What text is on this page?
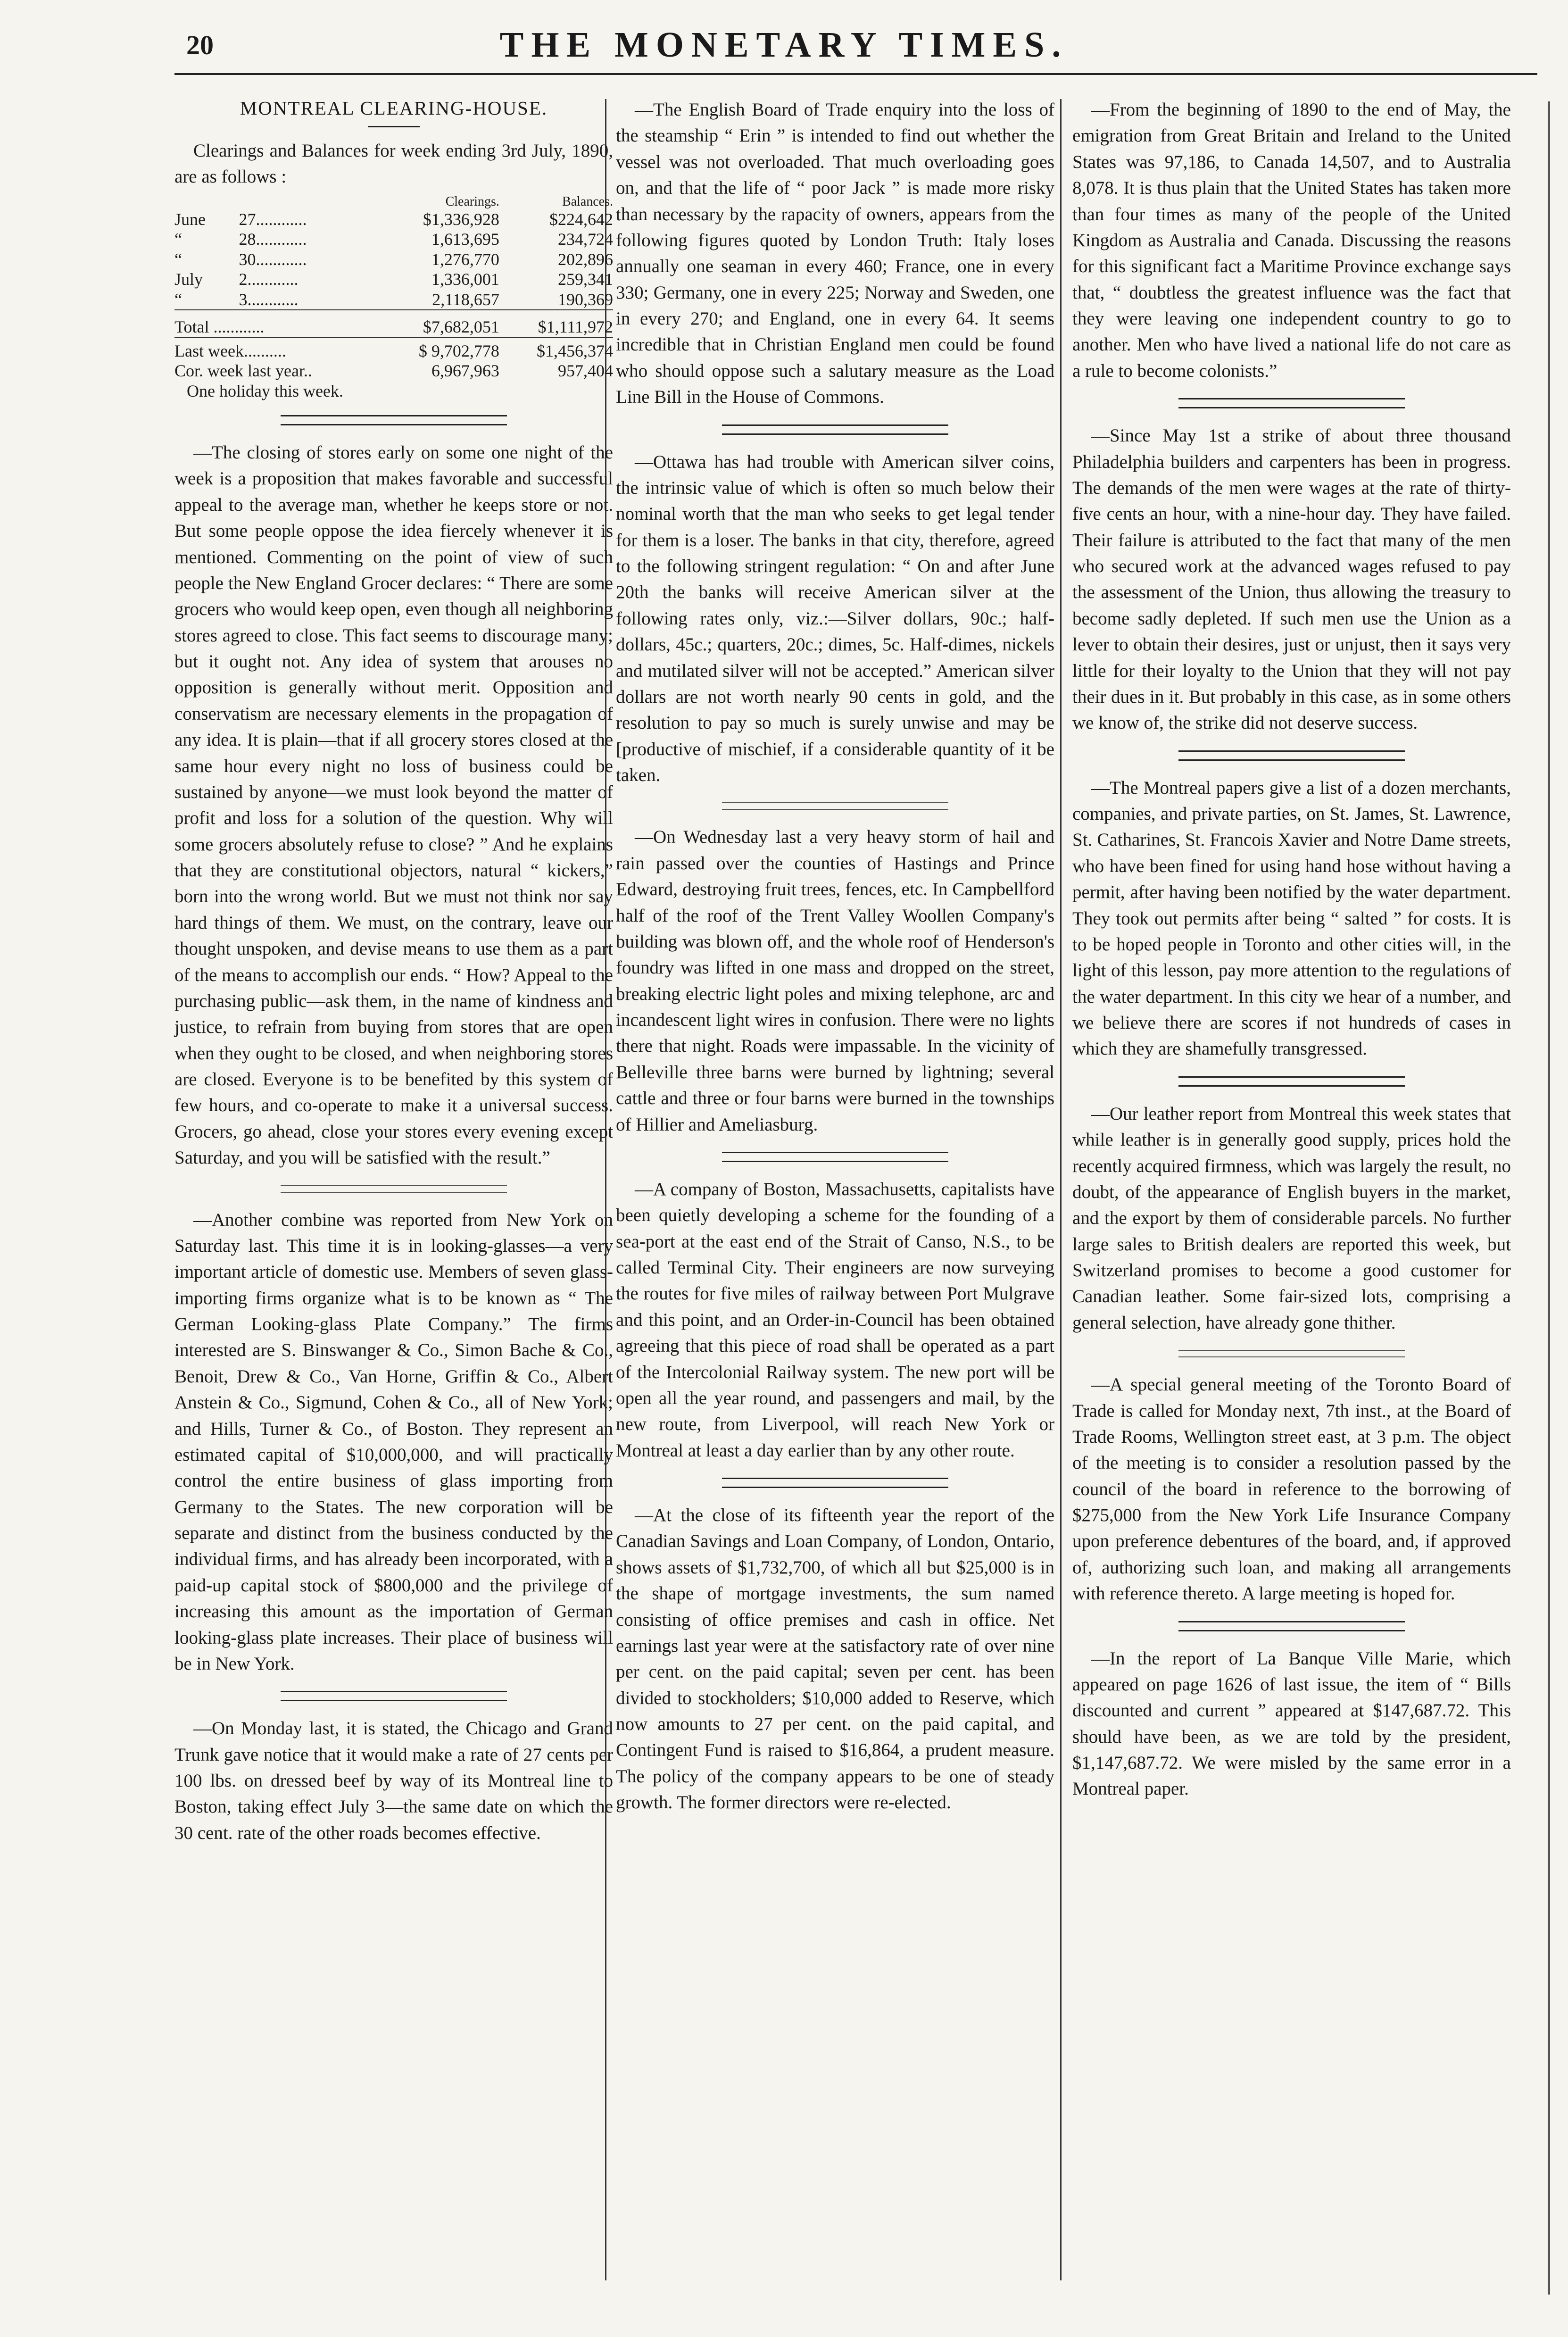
20	THE MONETARY TIMES.
MONTREAL CLEARING-HOUSE.

Clearings and Balances for week ending 3rd July, 1890, are as follows :

		Clearings.	Balances.
June	27............	$1,336,928	$224,642
“	28............	1,613,695	234,724
“	30............	1,276,770	202,896
July	2............	1,336,001	259,341
“	3............	2,118,657	190,369

Total ............		$7,682,051	$1,111,972

Last week..........		$ 9,702,778	$1,456,374
Cor. week last year..		6,967,963	957,404
One holiday this week.			

—The closing of stores early on some one night of the week is a proposition that makes favorable and successful appeal to the average man, whether he keeps store or not. But some people oppose the idea fiercely whenever it is mentioned. Commenting on the point of view of such people the New England Grocer declares: “ There are some grocers who would keep open, even though all neighboring stores agreed to close. This fact seems to discourage many; but it ought not. Any idea of system that arouses no opposition is generally without merit. Opposition and conservatism are necessary elements in the propagation of any idea. It is plain—that if all grocery stores closed at the same hour every night no loss of business could be sustained by anyone—we must look beyond the matter of profit and loss for a solution of the question. Why will some grocers absolutely refuse to close? ” And he explains that they are constitutional objectors, natural “ kickers,” born into the wrong world. But we must not think nor say hard things of them. We must, on the contrary, leave our thought unspoken, and devise means to use them as a part of the means to accomplish our ends. “ How? Appeal to the purchasing public—ask them, in the name of kindness and justice, to refrain from buying from stores that are open when they ought to be closed, and when neighboring stores are closed. Everyone is to be benefited by this system of few hours, and co-operate to make it a universal success. Grocers, go ahead, close your stores every evening except Saturday, and you will be satisfied with the result.”

—Another combine was reported from New York on Saturday last. This time it is in looking-glasses—a very important article of domestic use. Members of seven glass-importing firms organize what is to be known as “ The German Looking-glass Plate Company.” The firms interested are S. Binswanger & Co., Simon Bache & Co., Benoit, Drew & Co., Van Horne, Griffin & Co., Albert Anstein & Co., Sigmund, Cohen & Co., all of New York; and Hills, Turner & Co., of Boston. They represent an estimated capital of $10,000,000, and will practically control the entire business of glass importing from Germany to the States. The new corporation will be separate and distinct from the business conducted by the individual firms, and has already been incorporated, with a paid-up capital stock of $800,000 and the privilege of increasing this amount as the importation of German looking-glass plate increases. Their place of business will be in New York.

—On Monday last, it is stated, the Chicago and Grand Trunk gave notice that it would make a rate of 27 cents per 100 lbs. on dressed beef by way of its Montreal line to Boston, taking effect July 3—the same date on which the 30 cent. rate of the other roads becomes effective.

—The English Board of Trade enquiry into the loss of the steamship “ Erin ” is intended to find out whether the vessel was not overloaded. That much overloading goes on, and that the life of “ poor Jack ” is made more risky than necessary by the rapacity of owners, appears from the following figures quoted by London Truth: Italy loses annually one seaman in every 460; France, one in every 330; Germany, one in every 225; Norway and Sweden, one in every 270; and England, one in every 64. It seems incredible that in Christian England men could be found who should oppose such a salutary measure as the Load Line Bill in the House of Commons.

—Ottawa has had trouble with American silver coins, the intrinsic value of which is often so much below their nominal worth that the man who seeks to get legal tender for them is a loser. The banks in that city, therefore, agreed to the following stringent regulation: “ On and after June 20th the banks will receive American silver at the following rates only, viz.:—Silver dollars, 90c.; half-dollars, 45c.; quarters, 20c.; dimes, 5c. Half-dimes, nickels and mutilated silver will not be accepted.” American silver dollars are not worth nearly 90 cents in gold, and the resolution to pay so much is surely unwise and may be [productive of mischief, if a considerable quantity of it be taken.

—On Wednesday last a very heavy storm of hail and rain passed over the counties of Hastings and Prince Edward, destroying fruit trees, fences, etc. In Campbellford half of the roof of the Trent Valley Woollen Company's building was blown off, and the whole roof of Henderson's foundry was lifted in one mass and dropped on the street, breaking electric light poles and mixing telephone, arc and incandescent light wires in confusion. There were no lights there that night. Roads were impassable. In the vicinity of Belleville three barns were burned by lightning; several cattle and three or four barns were burned in the townships of Hillier and Ameliasburg.

—A company of Boston, Massachusetts, capitalists have been quietly developing a scheme for the founding of a sea-port at the east end of the Strait of Canso, N.S., to be called Terminal City. Their engineers are now surveying the routes for five miles of railway between Port Mulgrave and this point, and an Order-in-Council has been obtained agreeing that this piece of road shall be operated as a part of the Intercolonial Railway system. The new port will be open all the year round, and passengers and mail, by the new route, from Liverpool, will reach New York or Montreal at least a day earlier than by any other route.

—At the close of its fifteenth year the report of the Canadian Savings and Loan Company, of London, Ontario, shows assets of $1,732,700, of which all but $25,000 is in the shape of mortgage investments, the sum named consisting of office premises and cash in office. Net earnings last year were at the satisfactory rate of over nine per cent. on the paid capital; seven per cent. has been divided to stockholders; $10,000 added to Reserve, which now amounts to 27 per cent. on the paid capital, and Contingent Fund is raised to $16,864, a prudent measure. The policy of the company appears to be one of steady growth. The former directors were re-elected.

—From the beginning of 1890 to the end of May, the emigration from Great Britain and Ireland to the United States was 97,186, to Canada 14,507, and to Australia 8,078. It is thus plain that the United States has taken more than four times as many of the people of the United Kingdom as Australia and Canada. Discussing the reasons for this significant fact a Maritime Province exchange says that, “ doubtless the greatest influence was the fact that they were leaving one independent country to go to another. Men who have lived a national life do not care as a rule to become colonists.”

—Since May 1st a strike of about three thousand Philadelphia builders and carpenters has been in progress. The demands of the men were wages at the rate of thirty-five cents an hour, with a nine-hour day. They have failed. Their failure is attributed to the fact that many of the men who secured work at the advanced wages refused to pay the assessment of the Union, thus allowing the treasury to become sadly depleted. If such men use the Union as a lever to obtain their desires, just or unjust, then it says very little for their loyalty to the Union that they will not pay their dues in it. But probably in this case, as in some others we know of, the strike did not deserve success.

—The Montreal papers give a list of a dozen merchants, companies, and private parties, on St. James, St. Lawrence, St. Catharines, St. Francois Xavier and Notre Dame streets, who have been fined for using hand hose without having a permit, after having been notified by the water department. They took out permits after being “ salted ” for costs. It is to be hoped people in Toronto and other cities will, in the light of this lesson, pay more attention to the regulations of the water department. In this city we hear of a number, and we believe there are scores if not hundreds of cases in which they are shamefully transgressed.

—Our leather report from Montreal this week states that while leather is in generally good supply, prices hold the recently acquired firmness, which was largely the result, no doubt, of the appearance of English buyers in the market, and the export by them of considerable parcels. No further large sales to British dealers are reported this week, but Switzerland promises to become a good customer for Canadian leather. Some fair-sized lots, comprising a general selection, have already gone thither.

—A special general meeting of the Toronto Board of Trade is called for Monday next, 7th inst., at the Board of Trade Rooms, Wellington street east, at 3 p.m. The object of the meeting is to consider a resolution passed by the council of the board in reference to the borrowing of $275,000 from the New York Life Insurance Company upon preference debentures of the board, and, if approved of, authorizing such loan, and making all arrangements with reference thereto. A large meeting is hoped for.

—In the report of La Banque Ville Marie, which appeared on page 1626 of last issue, the item of “ Bills discounted and current ” appeared at $147,687.72. This should have been, as we are told by the president, $1,147,687.72. We were misled by the same error in a Montreal paper.
